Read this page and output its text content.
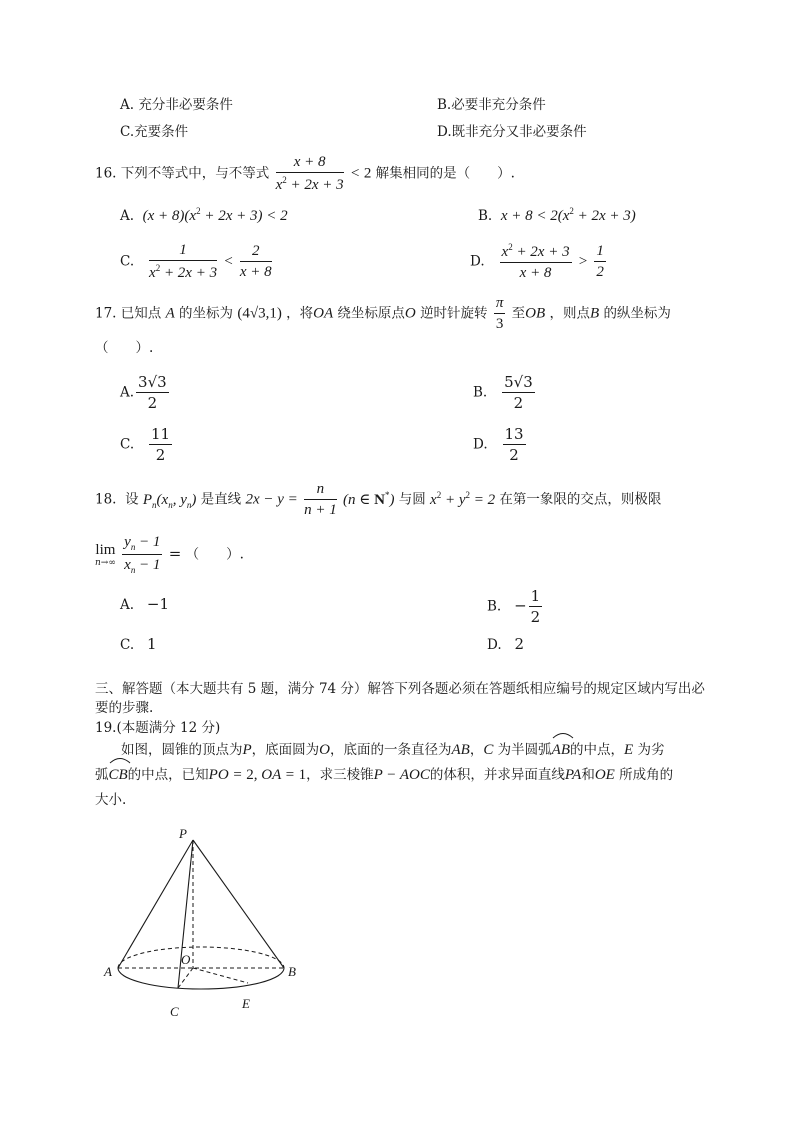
A. 充分非必要条件	B.必要非充分条件
C.充要条件	D.既非充分又非必要条件
16. 下列不等式中，与不等式 $\frac{x + 8}{x^2 + 2x + 3} < 2$ 解集相同的是（　　）.
A. $(x + 8)(x^2 + 2x + 3) < 2$	B. $x + 8 < 2(x^2 + 2x + 3)$
C. $\frac{1}{x^2 + 2x + 3} < \frac{2}{x + 8}$	D. $\frac{x^2 + 2x + 3}{x + 8} > \frac{1}{2}$
17. 已知点 A 的坐标为 (4√3,1) ，将OA 绕坐标原点O 逆时针旋转 $\frac{\pi}{3}$ 至OB ，则点B 的纵坐标为
（　　）.
A. $\frac{3√3}{2}$	B. $\frac{5√3}{2}$
C. $\frac{11}{2}$	D. $\frac{13}{2}$
18. 设 $P_n(x_n$, $y_n$) 是直线 $2x - y = \frac{n}{n + 1} (n$ ∈ N*) 与圆 $x^2 + y^2 = 2$ 在第一象限的交点，则极限
lim
n→∞
$\frac{y_n - 1}{x_n - 1}$ = （　　）.
A. −1	B. − $\frac{1}{2}$
C. 1	D. 2
三、解答题（本大题共有 5 题，满分 74 分）解答下列各题必须在答题纸相应编号的规定区域内写出必
要的步骤.
19.(本题满分 12 分)
如图，圆锥的顶点为P，底面圆为O，底面的一条直径为AB，C 为半圆弧AB
的中点，E 为劣
弧CB
的中点，已知PO = 2, OA = 1，求三棱锥P − AOC的体积，并求异面直线PA和OE 所成角的
大小.
P
O
A	B
C
E
